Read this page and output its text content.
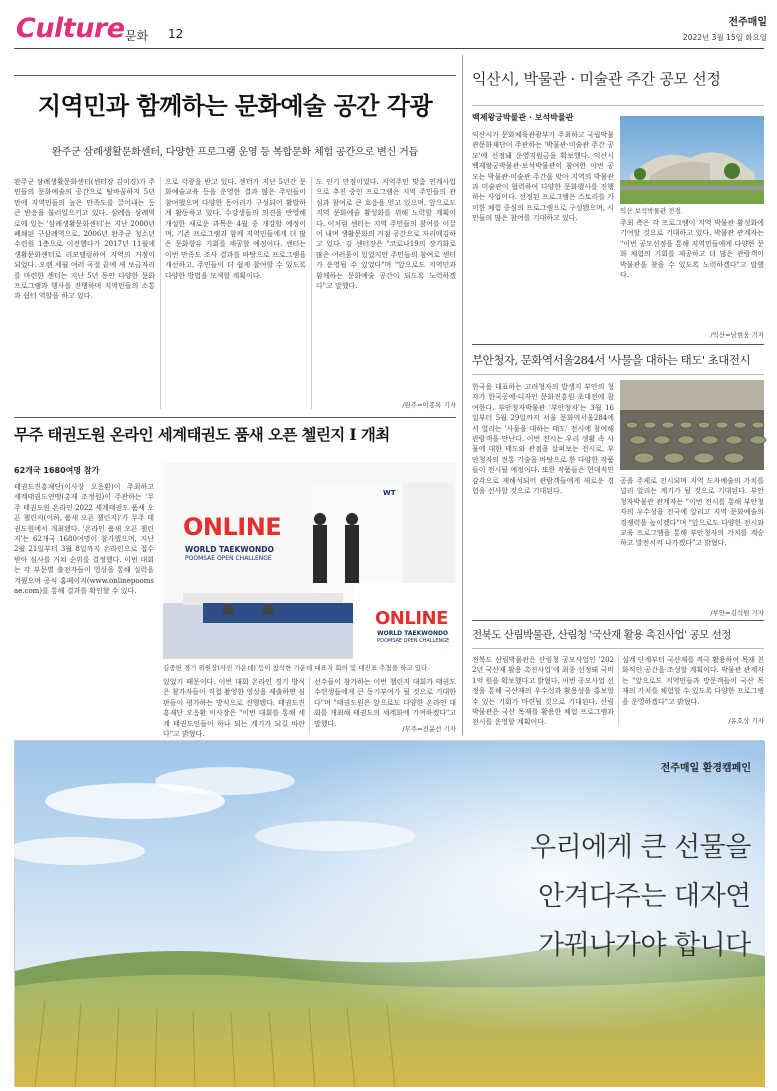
Culture 문화 12
전주매일
2022년 3월 15일 화요일
지역민과 함께하는 문화예술 공간 각광
완주군 삼례생활문화센터, 다양한 프로그램 운영 등 복합문화 체험 공간으로 변신 거듭
완주군 삼례생활문화센터(센터장 김미경)가 주민들의 문화예술의 공간으로 탈바꿈하지 5년 만에 지역민들의 높은 만족도를 끌어내는 등 큰 반응을 불러일으키고 있다. 삼례읍 삼례역로에 있는 '삼례생활문화센터'는 지난 2000년 폐쇄된 구삼례역으로, 2006년 완주군 청소년수련원 1층으로 이전했다가 2017년 11월에 생활문화센터로 리모델링하여 지역의 거점이 되었다. 오랜 세월 여러 곡절 끝에 새 보금자리를 마련한 센터는 지난 5년 동안 다양한 문화 프로그램과 행사를 진행하며 지역민들의 소통과 쉼터 역할을 하고 있다.
으로 각광을 받고 있다. 센터가 지난 5년간 문화예술교육 등을 운영한 결과 많은 주민들이 참여했으며 다양한 동아리가 구성되어 활발하게 활동하고 있다. 수강생들의 의견을 반영해 개설한 새로운 과목은 4월 중 개강할 예정이며, 기존 프로그램과 함께 지역민들에게 더 많은 문화향유 기회를 제공할 예정이다. 센터는 이번 만족도 조사 결과를 바탕으로 프로그램을 개선하고, 주민들이 더 쉽게 참여할 수 있도록 다양한 방법을 모색할 계획이다.
도 인기 만점이었다. 지역주민 맞춤 연계사업으로 추진 중인 프로그램은 지역 주민들의 관심과 참여로 큰 호응을 얻고 있으며, 앞으로도 지역 문화예술 활성화를 위해 노력할 계획이다. 이처럼 센터는 지역 주민들의 참여를 이끌어 내며 생활문화의 거점 공간으로 자리매김하고 있다. 김 센터장은 "코로나19의 장기화로 많은 어려움이 있었지만 주민들의 참여로 센터가 운영될 수 있었다"며 "앞으로도 지역민과 함께하는 문화예술 공간이 되도록 노력하겠다"고 말했다.
/완주=이종록 기자
익산시, 박물관 · 미술관 주간 공모 선정
백제왕궁박물관 · 보석박물관
익산시가 문화체육관광부가 주최하고 국립박물관문화재단이 주관하는 '박물관·미술관 주간 공모'에 선정돼 운영지원금을 확보했다. 익산시 백제왕궁박물관·보석박물관이 참여한 이번 공모는 박물관·미술관 주간을 맞아 지역의 박물관과 미술관이 협력하여 다양한 문화행사를 진행하는 사업이다. 선정된 프로그램은 스토리를 가미한 체험 중심의 프로그램으로 구성됐으며, 시민들의 많은 참여를 기대하고 있다.
익산 보석박물관 전경.
주최 측은 각 프로그램이 지역 박물관 활성화에 기여할 것으로 기대하고 있다. 박물관 관계자는 "이번 공모선정을 통해 지역민들에게 다양한 문화 체험의 기회를 제공하고 더 많은 관람객이 박물관을 찾을 수 있도록 노력하겠다"고 말했다.
/익산=남현웅 기자
부안청자, 문화역서울284서 '사물을 대하는 태도' 초대전시
한국을 대표하는 고려청자의 발생지 부안의 청자가 한국공예·디자인 문화진흥원 초대전에 참여한다. 부안청자박물관 '부안청자'는 3월 16일부터 5월 29일까지 서울 문화역서울284에서 열리는 '사물을 대하는 태도' 전시에 참여해 관람객을 만난다. 이번 전시는 우리 생활 속 사물에 대한 태도와 관점을 살펴보는 전시로, 부안청자의 전통 기술을 바탕으로 한 다양한 작품들이 전시될 예정이다. 또한 작품들은 현대적인 감각으로 재해석되어 관람객들에게 새로운 경험을 선사할 것으로 기대된다.
공을 주제로 전시되며 지역 도자예술의 가치를 널리 알리는 계기가 될 것으로 기대된다. 부안청자박물관 관계자는 "이번 전시를 통해 부안청자의 우수성을 전국에 알리고 지역 문화예술의 경쟁력을 높이겠다"며 "앞으로도 다양한 전시와 교육 프로그램을 통해 부안청자의 가치를 계승하고 발전시켜 나가겠다"고 밝혔다.
/부안=김석원 기자
전북도 산림박물관, 산림청 '국산재 활용 촉진사업' 공모 선정
전북도 산림박물관은 산림청 공모사업인 '2022년 국산재 활용 촉진사업'에 최종 선정돼 국비 1억 원을 확보했다고 밝혔다. 이번 공모사업 선정을 통해 국산재의 우수성과 활용성을 홍보할 수 있는 기회가 마련될 것으로 기대된다. 산림박물관은 국산 목재를 활용한 체험 프로그램과 전시를 운영할 계획이다.
설계 단계부터 국산재를 적극 활용하여 목재 친화적인 공간을 조성할 계획이다. 박물관 관계자는 "앞으로도 지역민들과 방문객들이 국산 목재의 가치를 체험할 수 있도록 다양한 프로그램을 운영하겠다"고 밝혔다.
/유호상 기자
무주 태권도원 온라인 세계태권도 품새 오픈 첼린지 I 개최
62개국 1680여명 참가
태권도진흥재단(이사장 오응환)이 주최하고 세계태권도연맹(총재 조정원)이 주관하는 '무주 태권도원 온라인 2022 세계태권도 품새 오픈 챌린지(이하, 품새 오픈 챌린지)'가 무주 태권도원에서 개최됐다. '온라인 품새 오픈 챌린지'는 62개국 1680여명이 참가했으며, 지난 2월 21일부터 3월 8일까지 온라인으로 접수받아 심사를 거쳐 순위를 결정했다. 이번 대회는 각 부문별 출전자들이 영상을 통해 실력을 겨뤘으며 공식 홈페이지(www.onlinepoomsae.com)를 통해 결과를 확인할 수 있다.
ONLINE
WORLD TAEKWONDO
POOMSAE OPEN CHALLENGE
WT
ONLINE
WORLD TAEKWONDO
POOMSAE OPEN CHALLENGE
김중헌 경기 위원장(사진 가운데) 등이 참석한 가운데 대표자 회의 및 대진표 추첨을 하고 있다.
있었기 때문이다. 이번 대회 온라인 경기 방식은 참가자들이 직접 촬영한 영상을 제출하면 심판들이 평가하는 방식으로 진행됐다. 태권도진흥재단 오응환 이사장은 "이번 대회를 통해 세계 태권도인들이 하나 되는 계기가 되길 바란다"고 밝혔다.
선수들이 참가하는 이번 챌린지 대회가 태권도 수련생들에게 큰 동기부여가 될 것으로 기대한다"며 "태권도원은 앞으로도 다양한 온라인 대회를 개최해 태권도의 세계화에 기여하겠다"고 말했다.
/무주=전윤선 기자
전주매일 환경캠페인
우리에게 큰 선물을
안겨다주는 대자연
가꿔나가야 합니다
